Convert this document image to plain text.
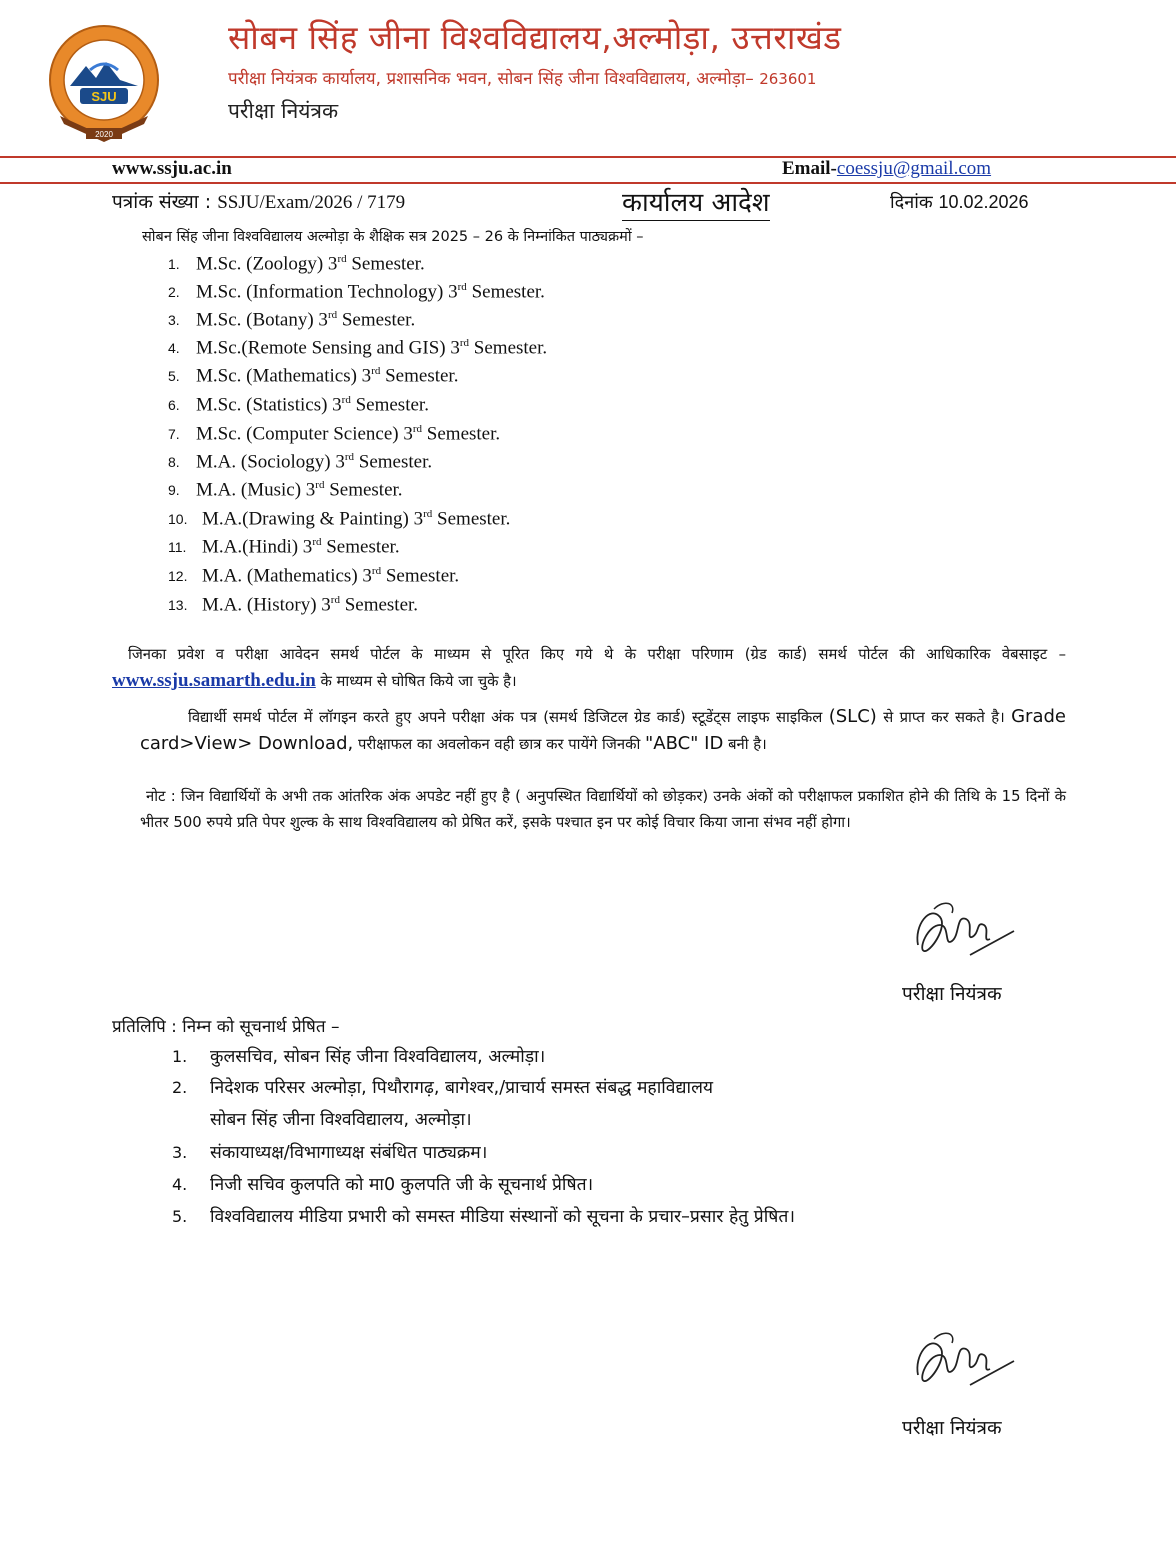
SJU
2020
सोबन सिंह जीना विश्वविद्यालय,अल्मोड़ा, उत्तराखंड
परीक्षा नियंत्रक कार्यालय, प्रशासनिक भवन, सोबन सिंह जीना विश्वविद्यालय, अल्मोड़ा– 263601
परीक्षा नियंत्रक
www.ssju.ac.in	Email-coessju@gmail.com
पत्रांक संख्या : SSJU/Exam/2026 / 7179	कार्यालय आदेश	दिनांक 10.02.2026
सोबन सिंह जीना विश्वविद्यालय अल्मोड़ा के शैक्षिक सत्र 2025 – 26 के निम्नांकित पाठ्यक्रमों –
1. M.Sc. (Zoology) 3rd Semester.
2. M.Sc. (Information Technology) 3rd Semester.
3. M.Sc. (Botany) 3rd Semester.
4. M.Sc.(Remote Sensing and GIS) 3rd Semester.
5. M.Sc. (Mathematics) 3rd Semester.
6. M.Sc. (Statistics) 3rd Semester.
7. M.Sc. (Computer Science) 3rd Semester.
8. M.A. (Sociology) 3rd Semester.
9. M.A. (Music) 3rd Semester.
10. M.A.(Drawing & Painting) 3rd Semester.
11. M.A.(Hindi) 3rd Semester.
12. M.A. (Mathematics) 3rd Semester.
13. M.A. (History) 3rd Semester.
जिनका प्रवेश व परीक्षा आवेदन समर्थ पोर्टल के माध्यम से पूरित किए गये थे के परीक्षा परिणाम (ग्रेड कार्ड) समर्थ पोर्टल की आधिकारिक वेबसाइट – www.ssju.samarth.edu.in के माध्यम से घोषित किये जा चुके है।
विद्यार्थी समर्थ पोर्टल में लॉगइन करते हुए अपने परीक्षा अंक पत्र (समर्थ डिजिटल ग्रेड कार्ड) स्टूडेंट्स लाइफ साइकिल (SLC) से प्राप्त कर सकते है। Grade card>View> Download, परीक्षाफल का अवलोकन वही छात्र कर पायेंगे जिनकी "ABC" ID बनी है।
नोट : जिन विद्यार्थियों के अभी तक आंतरिक अंक अपडेट नहीं हुए है ( अनुपस्थित विद्यार्थियों को छोड़कर) उनके अंकों को परीक्षाफल प्रकाशित होने की तिथि के 15 दिनों के भीतर 500 रुपये प्रति पेपर शुल्क के साथ विश्वविद्यालय को प्रेषित करें, इसके पश्चात इन पर कोई विचार किया जाना संभव नहीं होगा।
परीक्षा नियंत्रक
प्रतिलिपि : निम्न को सूचनार्थ प्रेषित –
1. कुलसचिव, सोबन सिंह जीना विश्वविद्यालय, अल्मोड़ा।
2. निदेशक परिसर अल्मोड़ा, पिथौरागढ़, बागेश्वर,/प्राचार्य समस्त संबद्ध महाविद्यालय
सोबन सिंह जीना विश्वविद्यालय, अल्मोड़ा।
3. संकायाध्यक्ष/विभागाध्यक्ष संबंधित पाठ्यक्रम।
4. निजी सचिव कुलपति को मा0 कुलपति जी के सूचनार्थ प्रेषित।
5. विश्वविद्यालय मीडिया प्रभारी को समस्त मीडिया संस्थानों को सूचना के प्रचार–प्रसार हेतु प्रेषित।
परीक्षा नियंत्रक
